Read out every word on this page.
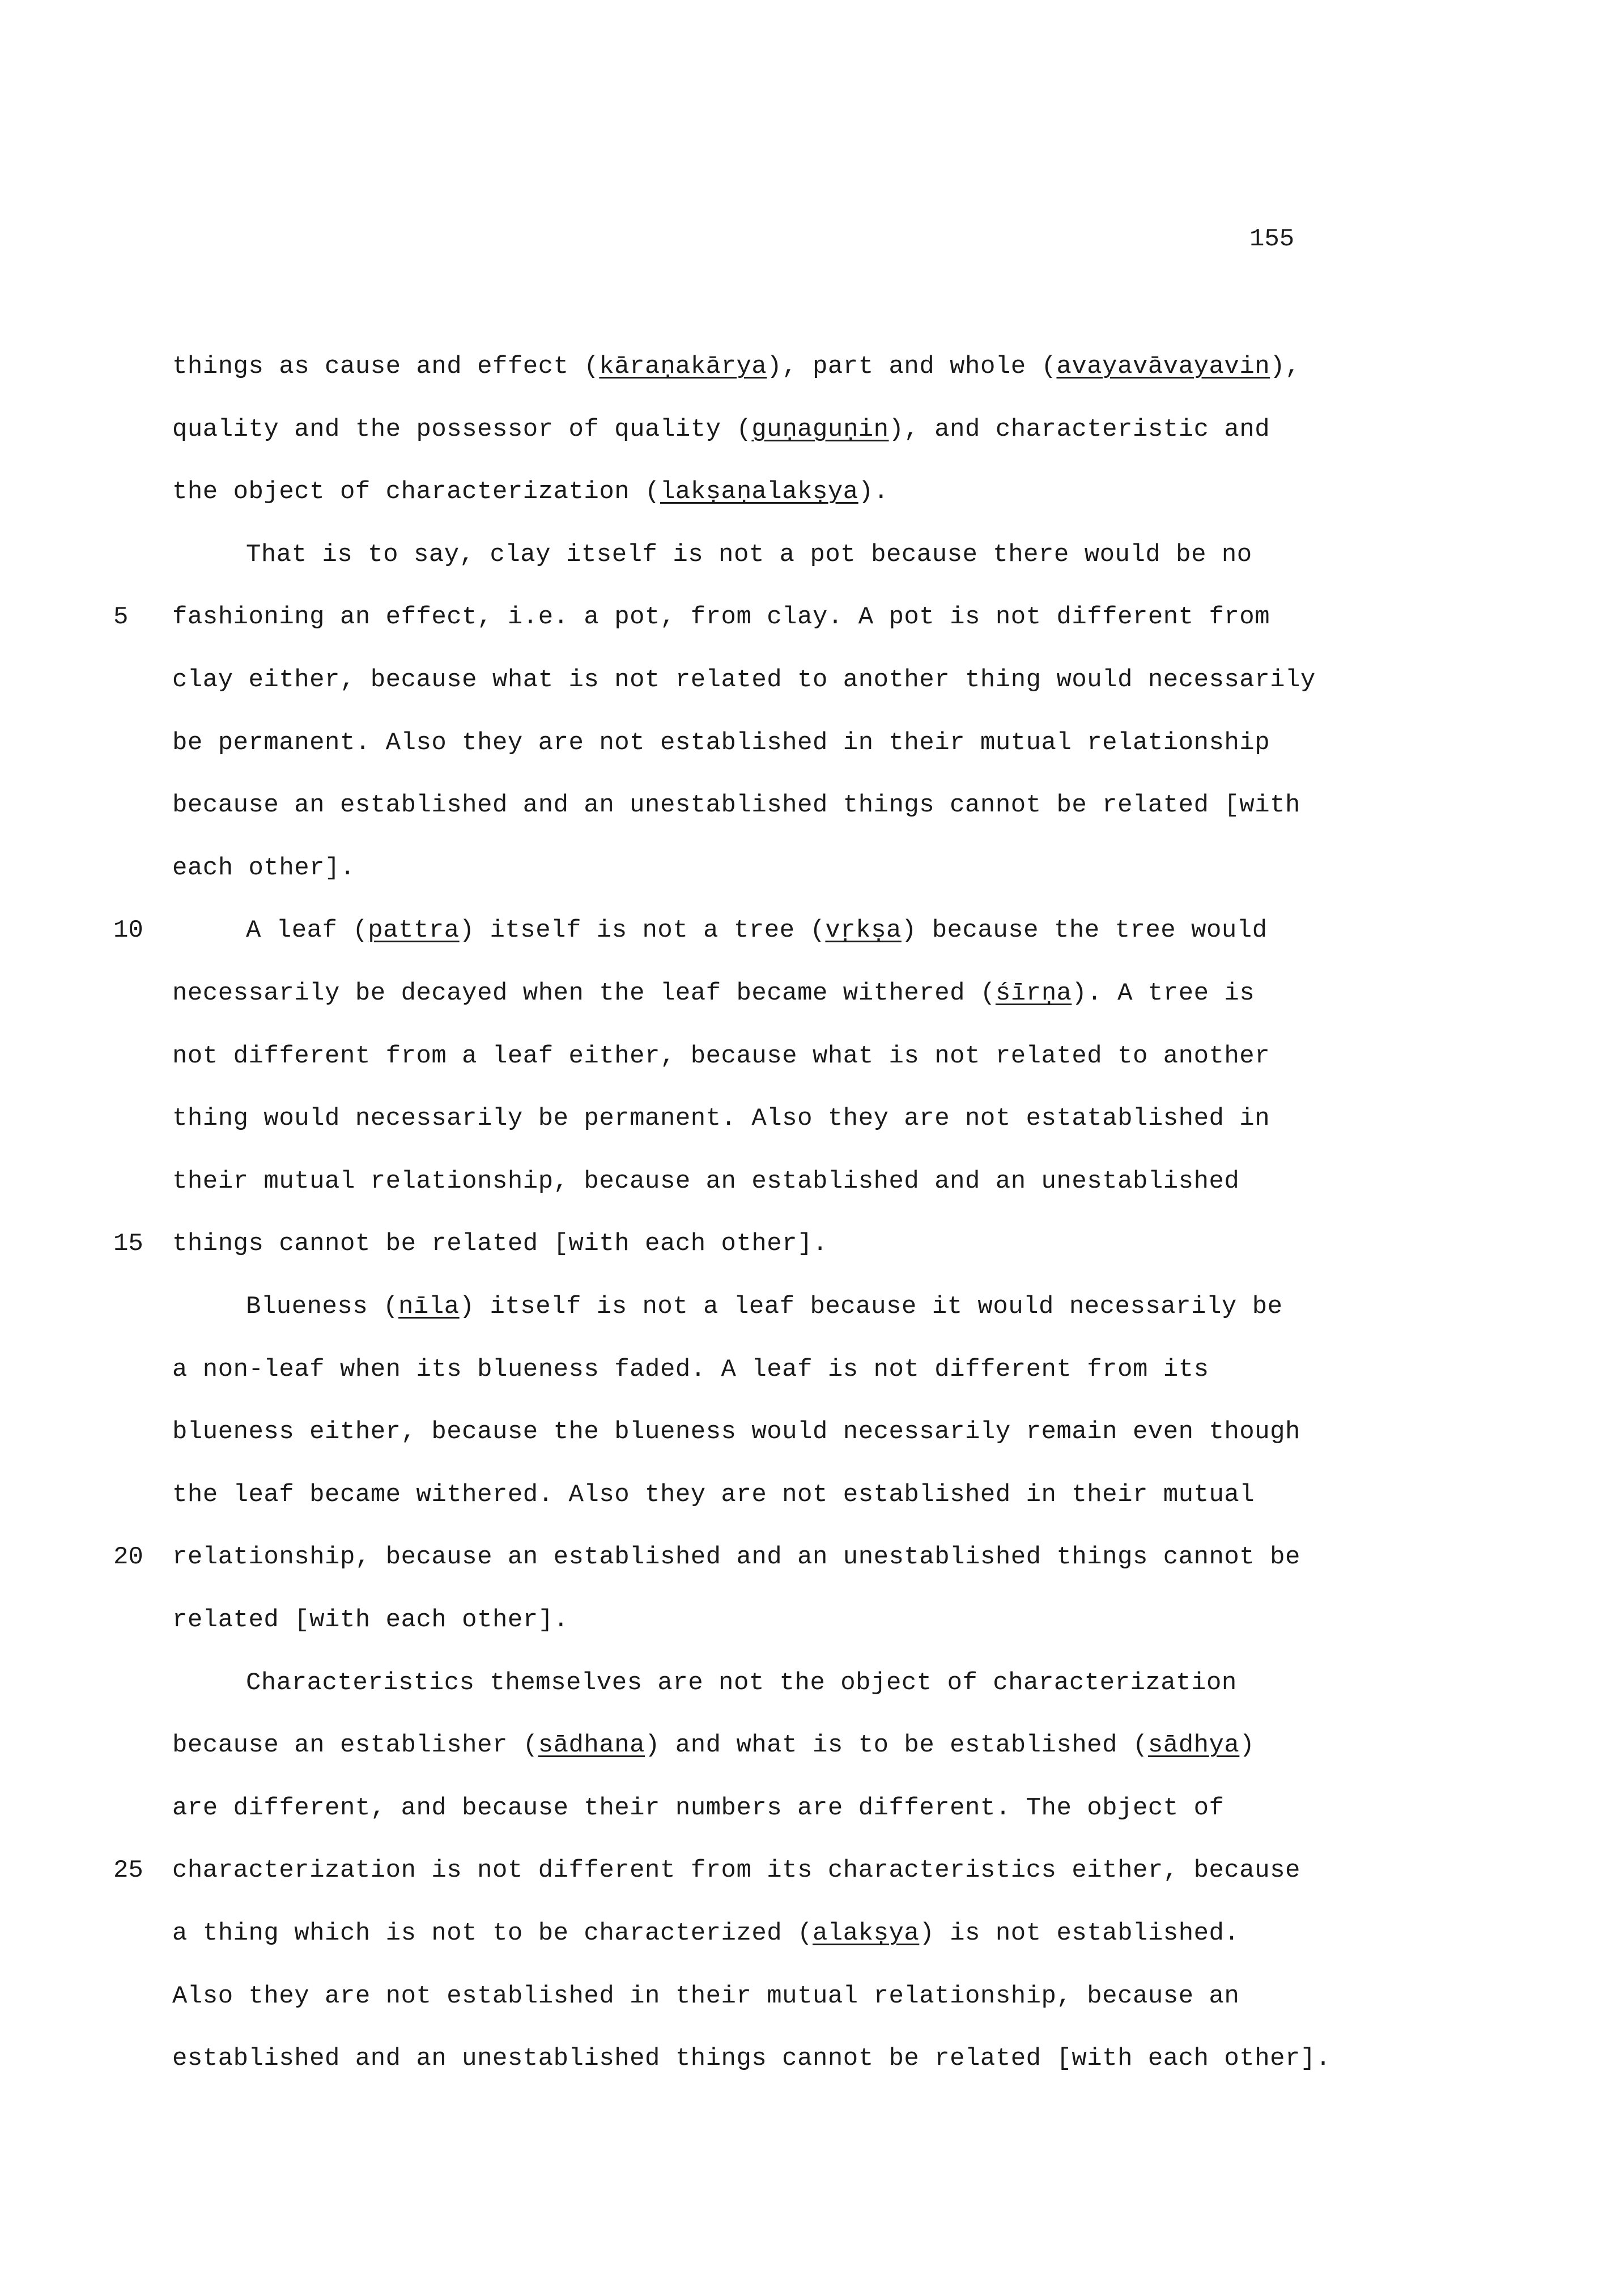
155
things as cause and effect (kāraṇakārya), part and whole (avayavāvayavin),
quality and the possessor of quality (guṇaguṇin), and characteristic and
the object of characterization (lakṣaṇalakṣya).
That is to say, clay itself is not a pot because there would be no
fashioning an effect, i.e. a pot, from clay. A pot is not different from
5
clay either, because what is not related to another thing would necessarily
be permanent. Also they are not established in their mutual relationship
because an established and an unestablished things cannot be related [with
each other].
A leaf (pattra) itself is not a tree (vṛkṣa) because the tree would
10
necessarily be decayed when the leaf became withered (śīrṇa). A tree is
not different from a leaf either, because what is not related to another
thing would necessarily be permanent. Also they are not estatablished in
their mutual relationship, because an established and an unestablished
things cannot be related [with each other].
15
Blueness (nīla) itself is not a leaf because it would necessarily be
a non-leaf when its blueness faded. A leaf is not different from its
blueness either, because the blueness would necessarily remain even though
the leaf became withered. Also they are not established in their mutual
relationship, because an established and an unestablished things cannot be
20
related [with each other].
Characteristics themselves are not the object of characterization
because an establisher (sādhana) and what is to be established (sādhya)
are different, and because their numbers are different. The object of
characterization is not different from its characteristics either, because
25
a thing which is not to be characterized (alakṣya) is not established.
Also they are not established in their mutual relationship, because an
established and an unestablished things cannot be related [with each other].
